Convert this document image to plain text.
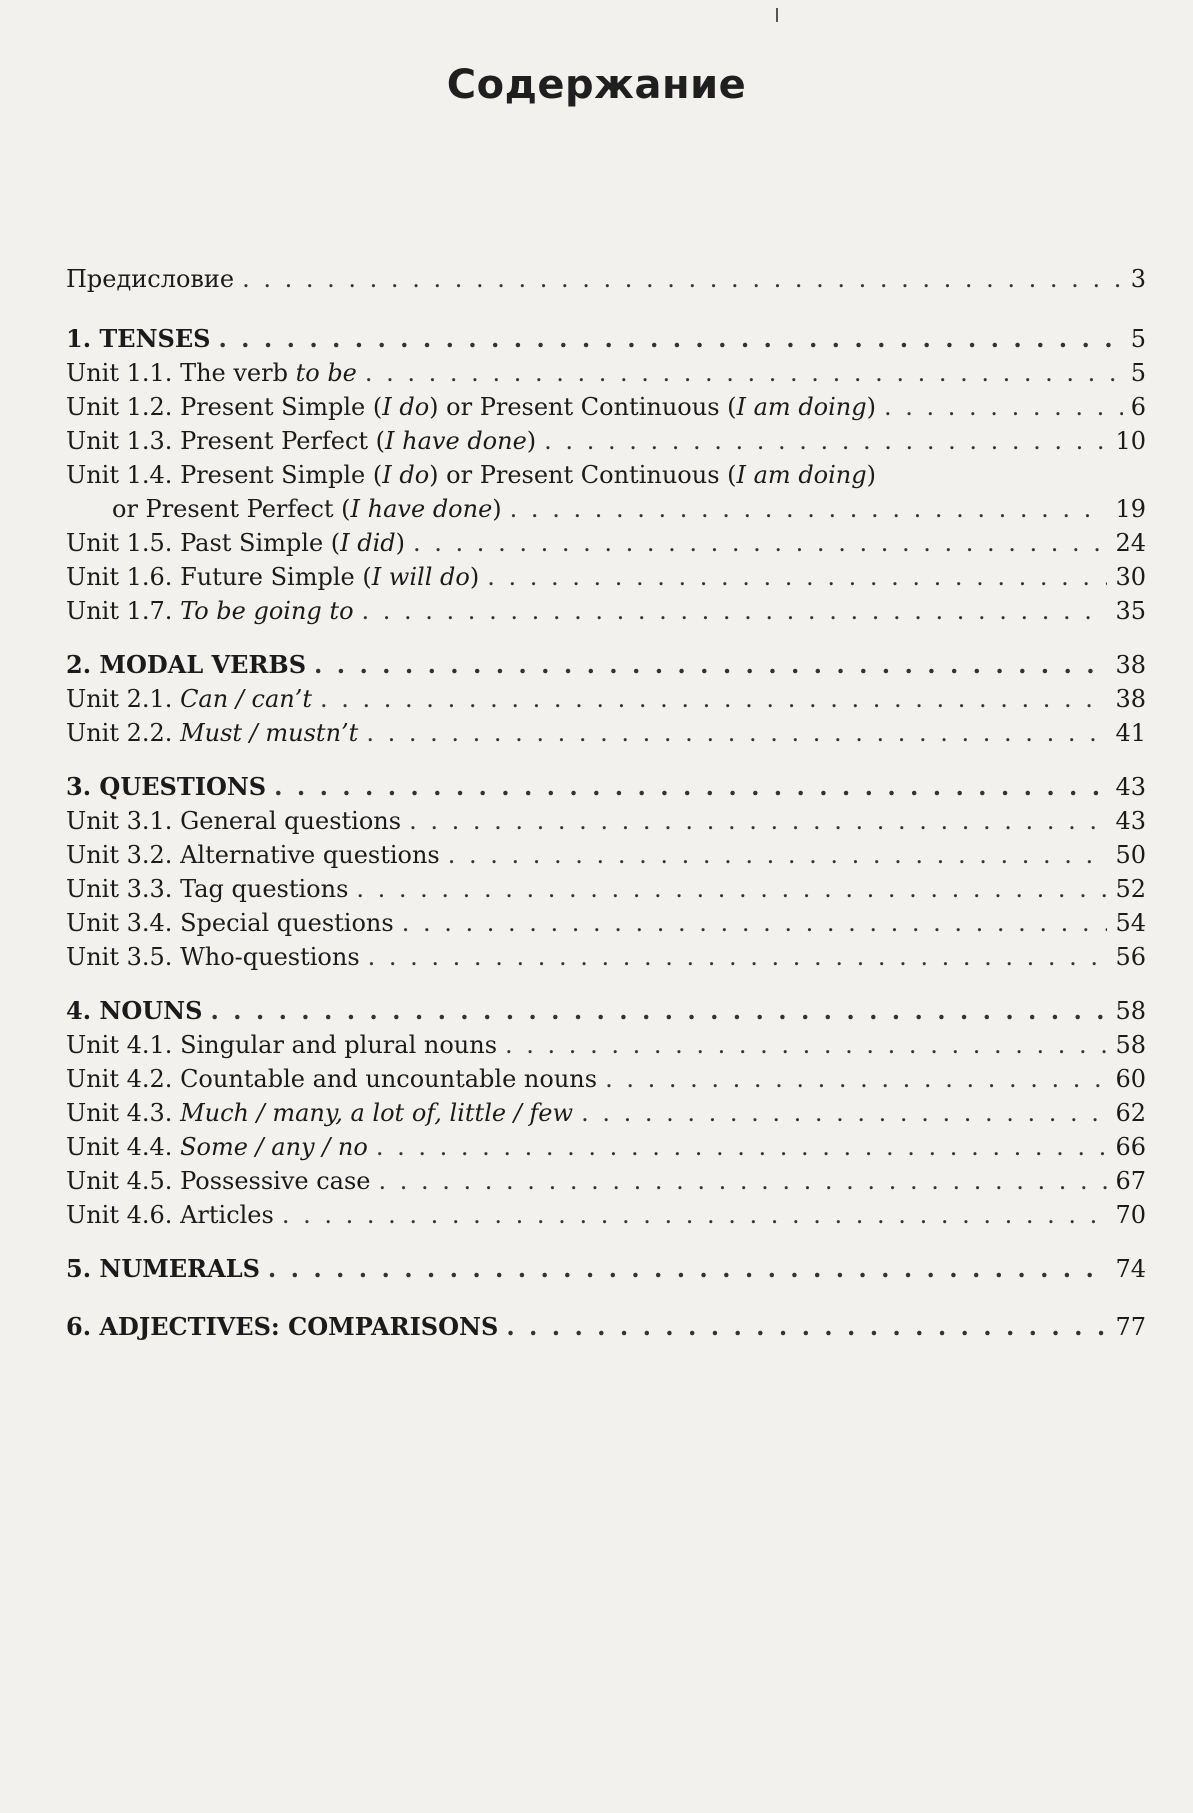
Содержание
Предисловие . . .	3
1. TENSES . . .	5
Unit 1.1. The verb to be . . .	5
Unit 1.2. Present Simple (I do) or Present Continuous (I am doing) . . .	6
Unit 1.3. Present Perfect (I have done) . . .	10
Unit 1.4. Present Simple (I do) or Present Continuous (I am doing)
or Present Perfect (I have done) . . .	19
Unit 1.5. Past Simple (I did) . . .	24
Unit 1.6. Future Simple (I will do) . . .	30
Unit 1.7. To be going to . . .	35
2. MODAL VERBS . . .	38
Unit 2.1. Can / can’t . . .	38
Unit 2.2. Must / mustn’t . . .	41
3. QUESTIONS . . .	43
Unit 3.1. General questions . . .	43
Unit 3.2. Alternative questions . . .	50
Unit 3.3. Tag questions . . .	52
Unit 3.4. Special questions . . .	54
Unit 3.5. Who-questions . . .	56
4. NOUNS . . .	58
Unit 4.1. Singular and plural nouns . . .	58
Unit 4.2. Countable and uncountable nouns . . .	60
Unit 4.3. Much / many, a lot of, little / few . . .	62
Unit 4.4. Some / any / no . . .	66
Unit 4.5. Possessive case . . .	67
Unit 4.6. Articles . . .	70
5. NUMERALS . . .	74
6. ADJECTIVES: COMPARISONS . . .	77
